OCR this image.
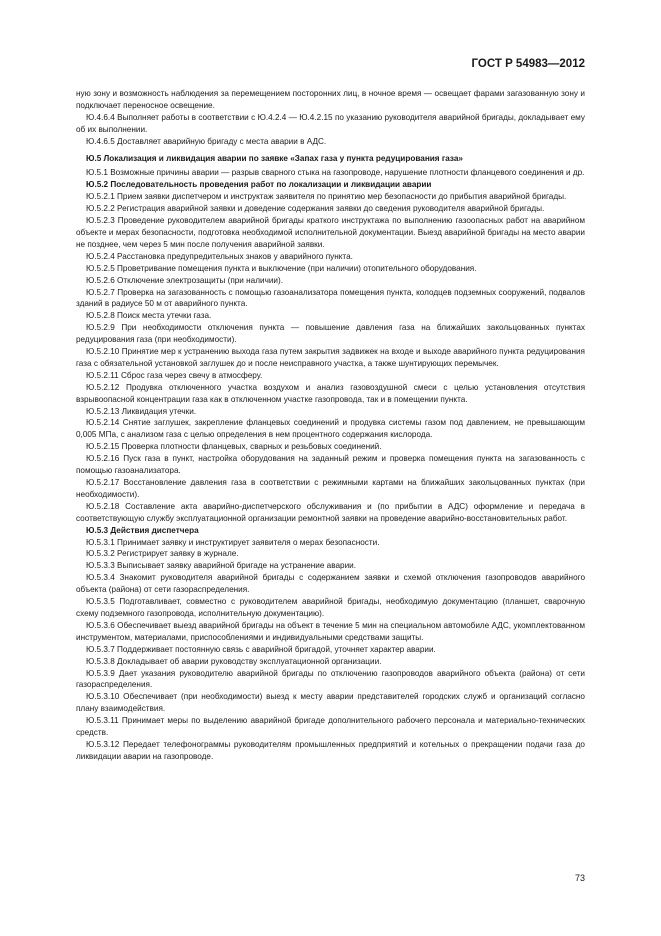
ГОСТ Р 54983—2012

ную зону и возможность наблюдения за перемещением посторонних лиц, в ночное время — освещает фарами загазованную зону и подключает переносное освещение.

Ю.4.6.4 Выполняет работы в соответствии с Ю.4.2.4 — Ю.4.2.15 по указанию руководителя аварийной бригады, докладывает ему об их выполнении.

Ю.4.6.5 Доставляет аварийную бригаду с места аварии в АДС.

Ю.5 Локализация и ликвидация аварии по заявке «Запах газа у пункта редуцирования газа»

Ю.5.1 Возможные причины аварии — разрыв сварного стыка на газопроводе, нарушение плотности фланцевого соединения и др.

Ю.5.2 Последовательность проведения работ по локализации и ликвидации аварии

Ю.5.2.1 Прием заявки диспетчером и инструктаж заявителя по принятию мер безопасности до прибытия аварийной бригады.

Ю.5.2.2 Регистрация аварийной заявки и доведение содержания заявки до сведения руководителя аварийной бригады.

Ю.5.2.3 Проведение руководителем аварийной бригады краткого инструктажа по выполнению газоопасных работ на аварийном объекте и мерах безопасности, подготовка необходимой исполнительной документации. Выезд аварийной бригады на место аварии не позднее, чем через 5 мин после получения аварийной заявки.

Ю.5.2.4 Расстановка предупредительных знаков у аварийного пункта.

Ю.5.2.5 Проветривание помещения пункта и выключение (при наличии) отопительного оборудования.

Ю.5.2.6 Отключение электрозащиты (при наличии).

Ю.5.2.7 Проверка на загазованность с помощью газоанализатора помещения пункта, колодцев подземных сооружений, подвалов зданий в радиусе 50 м от аварийного пункта.

Ю.5.2.8 Поиск места утечки газа.

Ю.5.2.9 При необходимости отключения пункта — повышение давления газа на ближайших закольцованных пунктах редуцирования газа (при необходимости).

Ю.5.2.10 Принятие мер к устранению выхода газа путем закрытия задвижек на входе и выходе аварийного пункта редуцирования газа с обязательной установкой заглушек до и после неисправного участка, а также шунтирующих перемычек.

Ю.5.2.11 Сброс газа через свечу в атмосферу.

Ю.5.2.12 Продувка отключенного участка воздухом и анализ газовоздушной смеси с целью установления отсутствия взрывоопасной концентрации газа как в отключенном участке газопровода, так и в помещении пункта.

Ю.5.2.13 Ликвидация утечки.

Ю.5.2.14 Снятие заглушек, закрепление фланцевых соединений и продувка системы газом под давлением, не превышающим 0,005 МПа, с анализом газа с целью определения в нем процентного содержания кислорода.

Ю.5.2.15 Проверка плотности фланцевых, сварных и резьбовых соединений.

Ю.5.2.16 Пуск газа в пункт, настройка оборудования на заданный режим и проверка помещения пункта на загазованность с помощью газоанализатора.

Ю.5.2.17 Восстановление давления газа в соответствии с режимными картами на ближайших закольцованных пунктах (при необходимости).

Ю.5.2.18 Составление акта аварийно-диспетчерского обслуживания и (по прибытии в АДС) оформление и передача в соответствующую службу эксплуатационной организации ремонтной заявки на проведение аварийно-восстановительных работ.

Ю.5.3 Действия диспетчера

Ю.5.3.1 Принимает заявку и инструктирует заявителя о мерах безопасности.

Ю.5.3.2 Регистрирует заявку в журнале.

Ю.5.3.3 Выписывает заявку аварийной бригаде на устранение аварии.

Ю.5.3.4 Знакомит руководителя аварийной бригады с содержанием заявки и схемой отключения газопроводов аварийного объекта (района) от сети газораспределения.

Ю.5.3.5 Подготавливает, совместно с руководителем аварийной бригады, необходимую документацию (планшет, сварочную схему подземного газопровода, исполнительную документацию).

Ю.5.3.6 Обеспечивает выезд аварийной бригады на объект в течение 5 мин на специальном автомобиле АДС, укомплектованном инструментом, материалами, приспособлениями и индивидуальными средствами защиты.

Ю.5.3.7 Поддерживает постоянную связь с аварийной бригадой, уточняет характер аварии.

Ю.5.3.8 Докладывает об аварии руководству эксплуатационной организации.

Ю.5.3.9 Дает указания руководителю аварийной бригады по отключению газопроводов аварийного объекта (района) от сети газораспределения.

Ю.5.3.10 Обеспечивает (при необходимости) выезд к месту аварии представителей городских служб и организаций согласно плану взаимодействия.

Ю.5.3.11 Принимает меры по выделению аварийной бригаде дополнительного рабочего персонала и материально-технических средств.

Ю.5.3.12 Передает телефонограммы руководителям промышленных предприятий и котельных о прекращении подачи газа до ликвидации аварии на газопроводе.

73
